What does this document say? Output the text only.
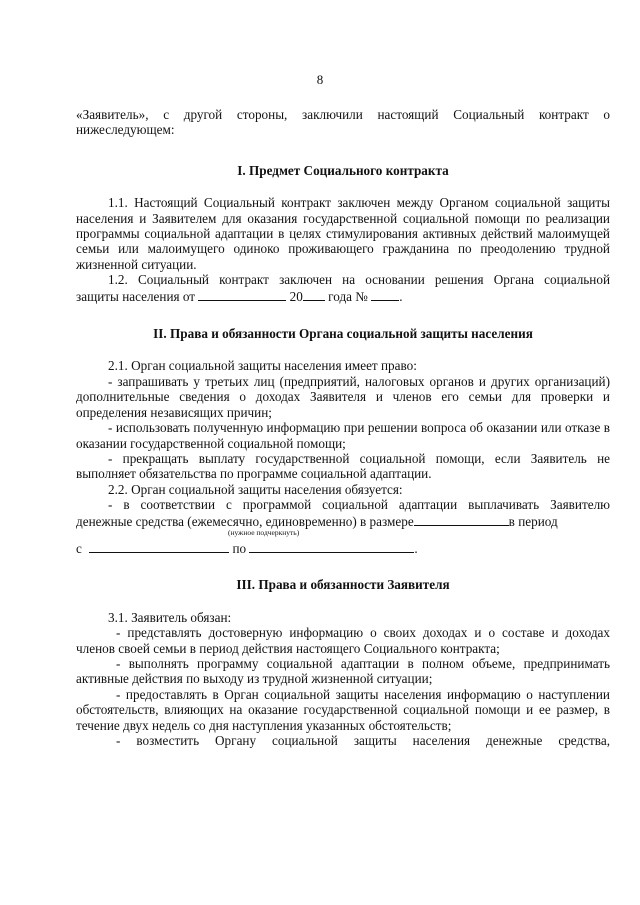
8

«Заявитель», с другой стороны, заключили настоящий Социальный контракт о нижеследующем:

I. Предмет Социального контракта

1.1. Настоящий Социальный контракт заключен между Органом социальной защиты населения и Заявителем для оказания государственной социальной помощи по реализации программы социальной адаптации в целях стимулирования активных действий малоимущей семьи или малоимущего одиноко проживающего гражданина по преодолению трудной жизненной ситуации.

1.2. Социальный контракт заключен на основании решения Органа социальной

защиты населения от	20 года № .

II. Права и обязанности Органа социальной защиты населения

2.1. Орган социальной защиты населения имеет право:

- запрашивать у третьих лиц (предприятий, налоговых органов и других организаций) дополнительные сведения о доходах Заявителя и членов его семьи для проверки и определения независящих причин;

- использовать полученную информацию при решении вопроса об оказании или отказе в оказании государственной социальной помощи;

- прекращать выплату государственной социальной помощи, если Заявитель не выполняет обязательства по программе социальной адаптации.

2.2. Орган социальной защиты населения обязуется:

- в соответствии с программой социальной адаптации выплачивать Заявителю

денежные средства (ежемесячно, единовременно) в размере	в период

(нужное подчеркнуть)

с	по	.

III. Права и обязанности Заявителя

3.1. Заявитель обязан:

- представлять достоверную информацию о своих доходах и о составе и доходах членов своей семьи в период действия настоящего Социального контракта;

- выполнять программу социальной адаптации в полном объеме, предпринимать активные действия по выходу из трудной жизненной ситуации;

- предоставлять в Орган социальной защиты населения информацию о наступлении обстоятельств, влияющих на оказание государственной социальной помощи и ее размер, в течение двух недель со дня наступления указанных обстоятельств;

- возместить Органу социальной защиты населения денежные средства,
